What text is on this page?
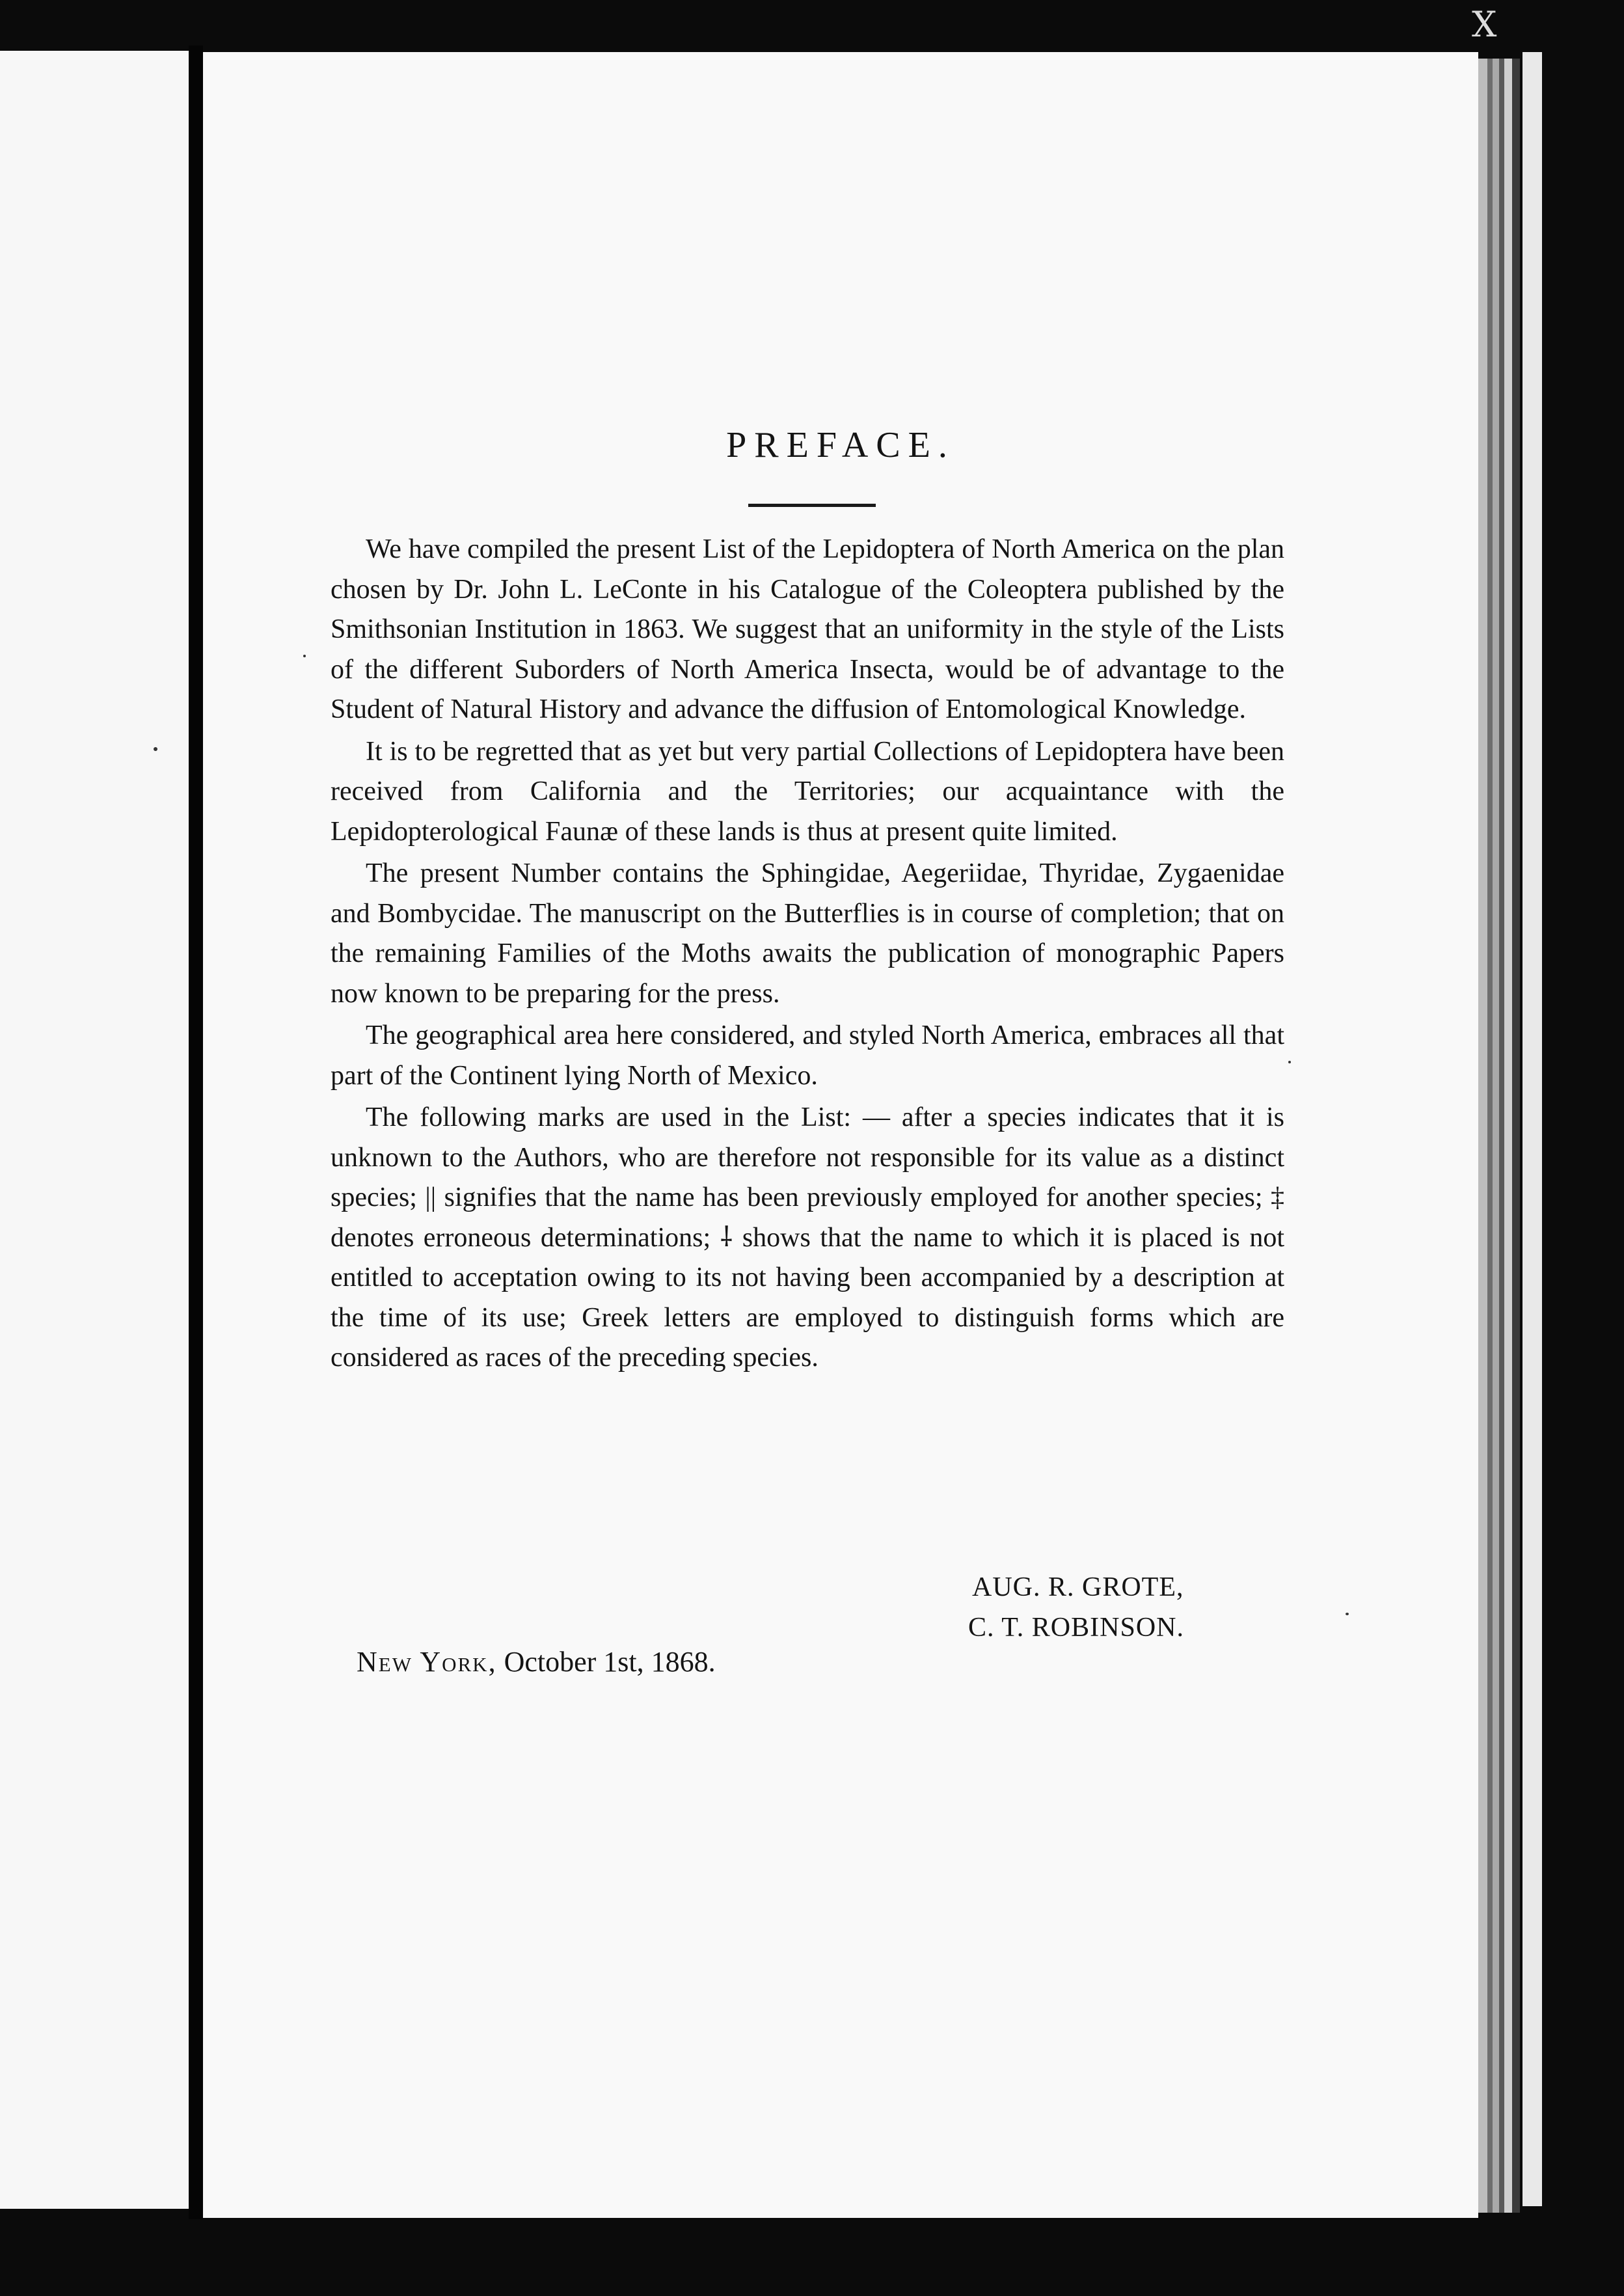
X
PREFACE.

We have compiled the present List of the Lepidoptera of North America on the plan chosen by Dr. John L. LeConte in his Catalogue of the Coleoptera published by the Smithsonian Institution in 1863. We suggest that an uniformity in the style of the Lists of the different Suborders of North America Insecta, would be of advantage to the Student of Natural History and advance the diffusion of Entomological Knowledge.

It is to be regretted that as yet but very partial Collections of Lepidoptera have been received from California and the Territories; our acquaintance with the Lepidopterological Faunæ of these lands is thus at present quite limited.

The present Number contains the Sphingidae, Aegeriidae, Thyridae, Zygaenidae and Bombycidae. The manuscript on the Butterflies is in course of completion; that on the remaining Families of the Moths awaits the publication of monographic Papers now known to be preparing for the press.

The geographical area here considered, and styled North America, embraces all that part of the Continent lying North of Mexico.

The following marks are used in the List: — after a species indicates that it is unknown to the Authors, who are therefore not responsible for its value as a distinct species; || signifies that the name has been previously employed for another species; ‡ denotes erroneous determinations; ⸸ shows that the name to which it is placed is not entitled to acceptation owing to its not having been accompanied by a description at the time of its use; Greek letters are employed to distinguish forms which are considered as races of the preceding species.

AUG. R. GROTE,
C. T. ROBINSON.
New York, October 1st, 1868.
